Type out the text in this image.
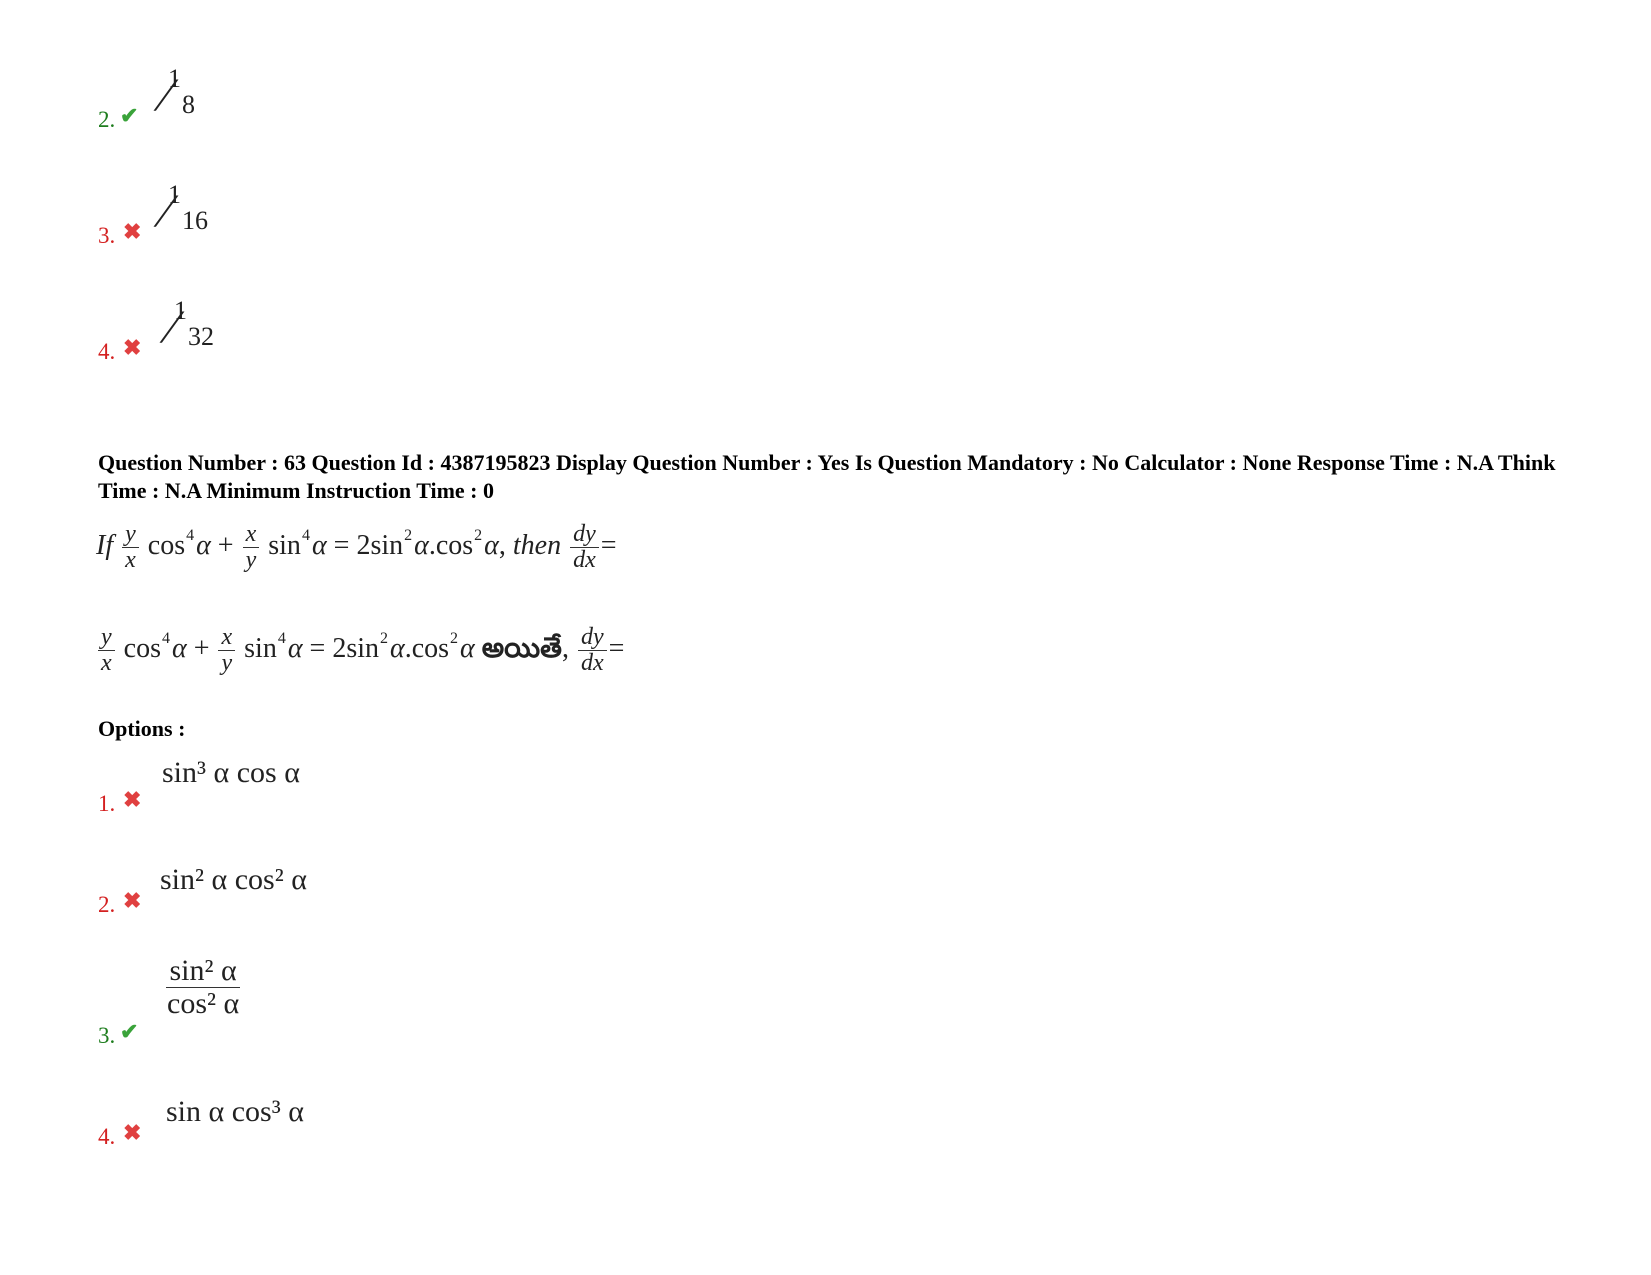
2. ✔
1
⁄ 8
3. ✖
1
⁄ 16
4. ✖
1
⁄ 32
Question Number : 63 Question Id : 4387195823 Display Question Number : Yes Is Question Mandatory : No Calculator : None Response Time : N.A Think Time : N.A Minimum Instruction Time : 0
If $\frac{y}{x} \cos^4\alpha + \frac{x}{y} \sin^4\alpha = 2\sin^2\alpha.\cos^2\alpha$, then $\frac{dy}{dx}$ =
$\frac{y}{x} \cos^4\alpha + \frac{x}{y} \sin^4\alpha = 2\sin^2\alpha.\cos^2\alpha$ అయితే, $\frac{dy}{dx}$ =
Options :
1. ✖
sin³ α cos α
2. ✖
sin² α cos² α
3. ✔
$\frac{\text{sin² α}}{\text{cos² α}}$
4. ✖
sin α cos³ α
